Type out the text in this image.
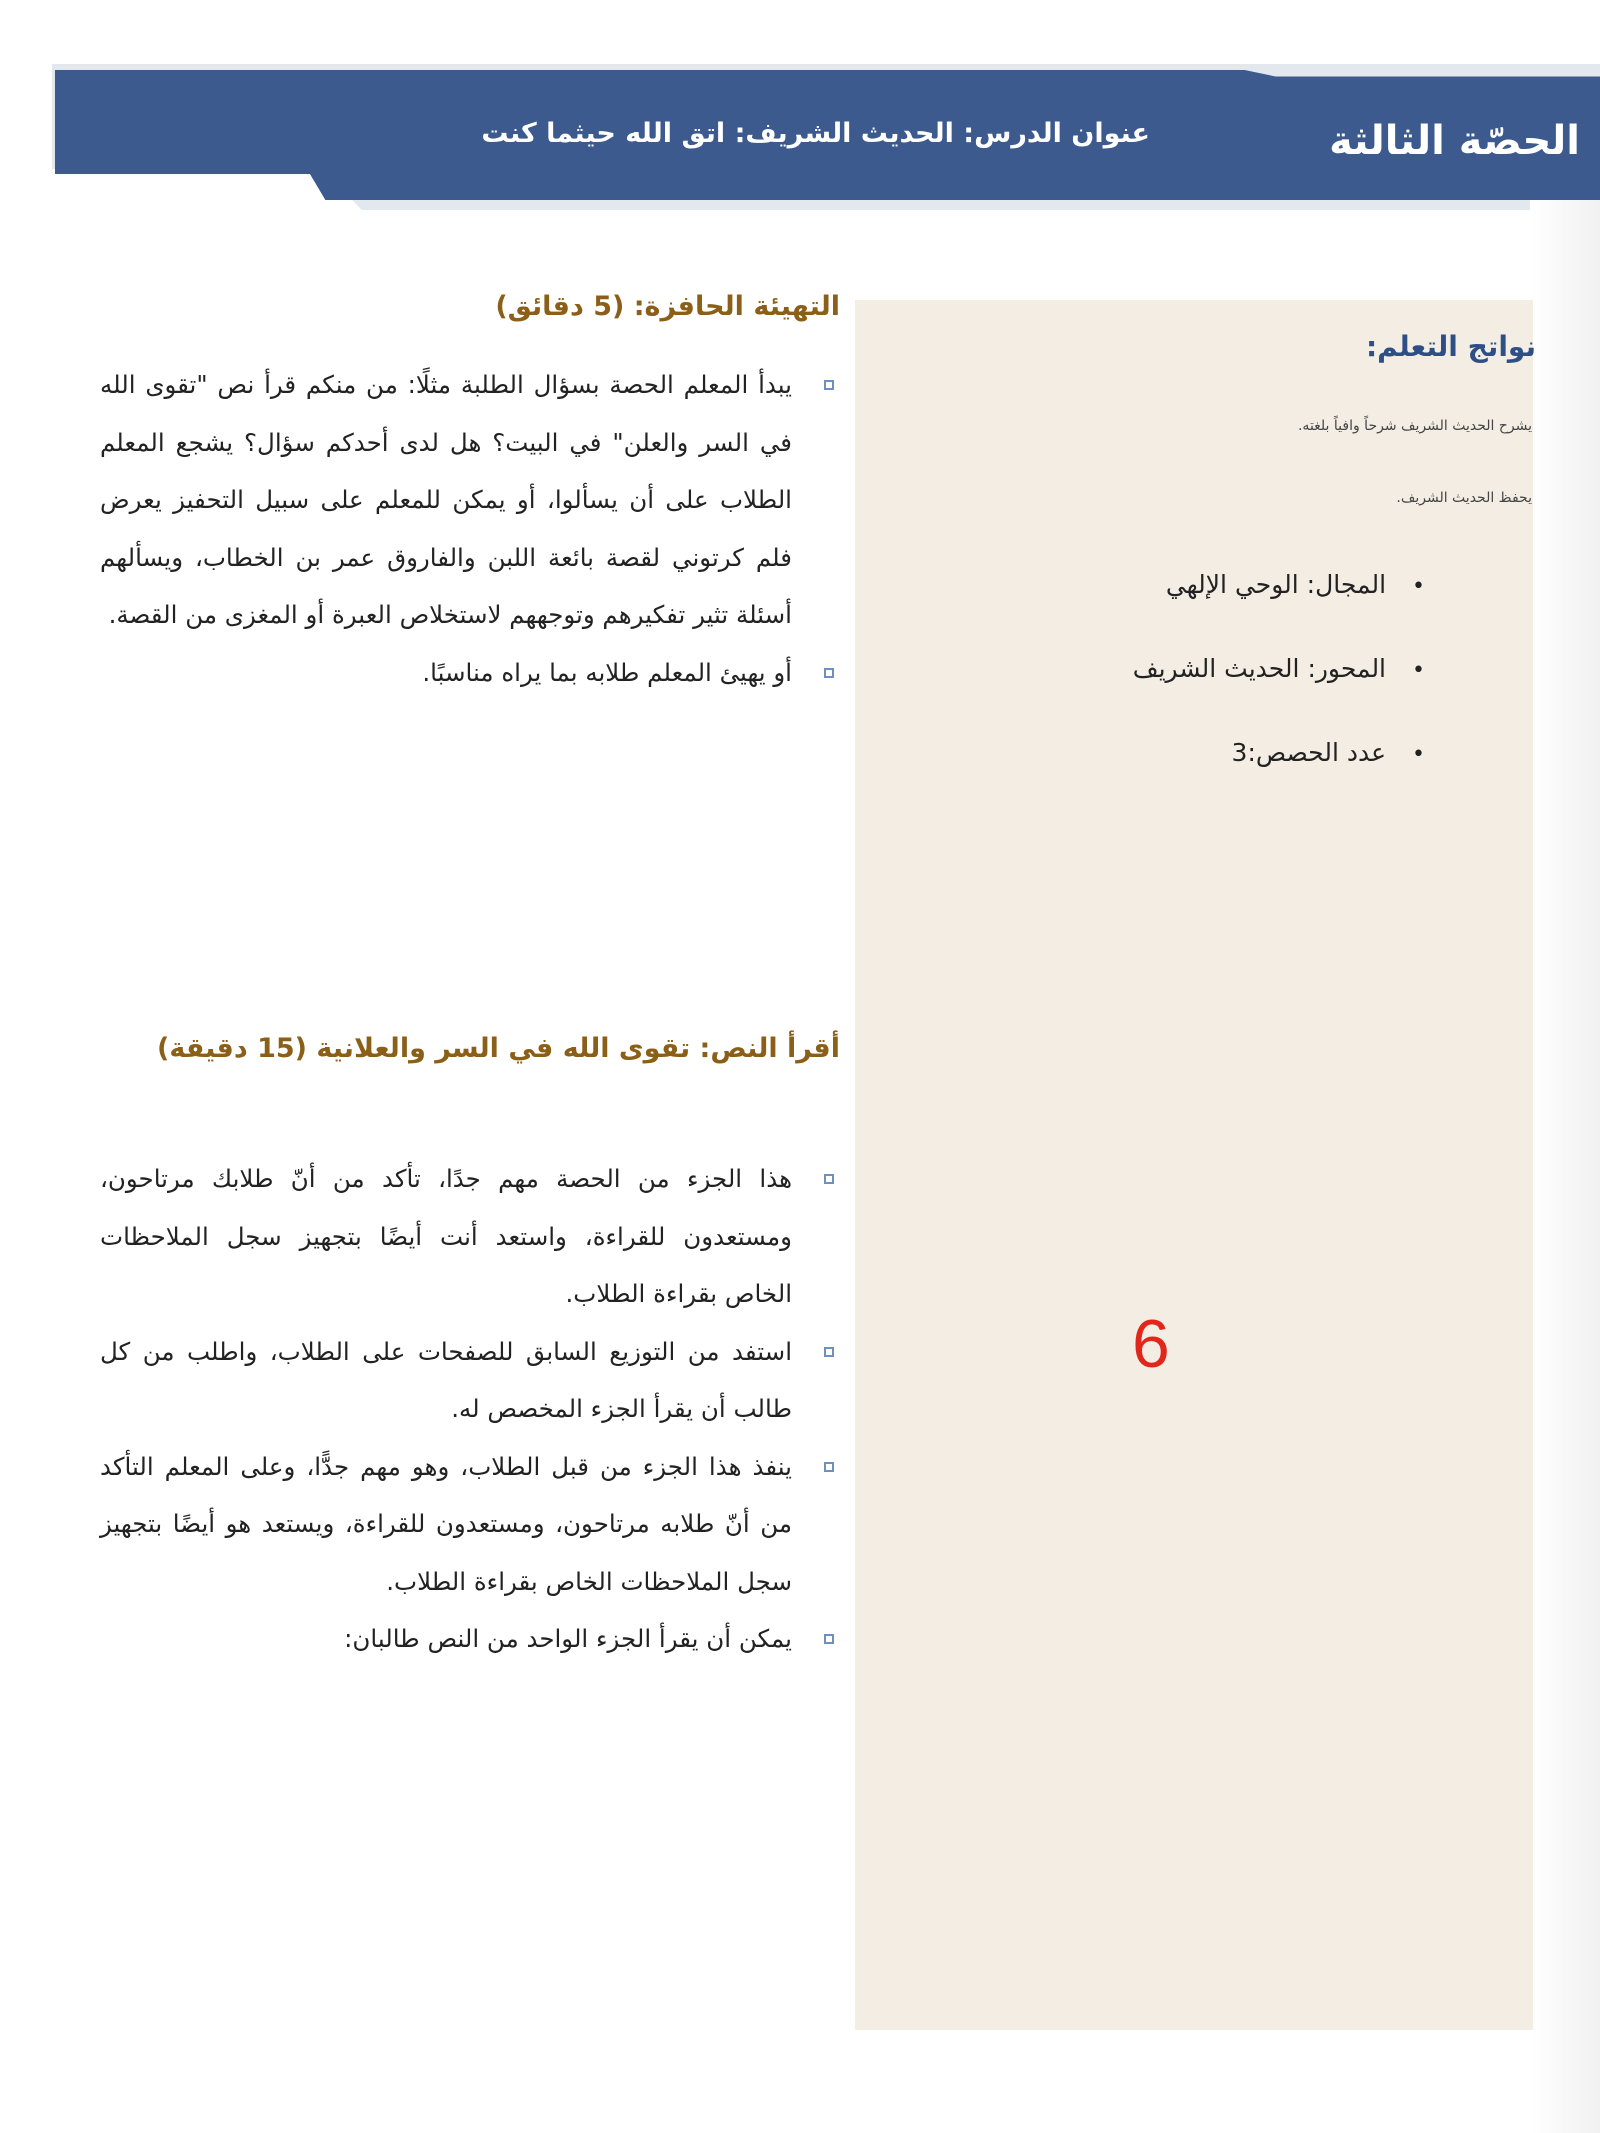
الحصّة الثالثة
عنوان الدرس: الحديث الشريف: اتق الله حيثما كنت
نواتج التعلم:

يشرح الحديث الشريف شرحاً وافياً بلغته.

يحفظ الحديث الشريف.

• المجال: الوحي الإلهي
• المحور: الحديث الشريف
• عدد الحصص:3
6
التهيئة الحافزة: (5 دقائق)
يبدأ المعلم الحصة بسؤال الطلبة مثلًا: من منكم قرأ نص "تقوى الله في السر والعلن" في البيت؟ هل لدى أحدكم سؤال؟ يشجع المعلم الطلاب على أن يسألوا، أو يمكن للمعلم على سبيل التحفيز يعرض فلم كرتوني لقصة بائعة اللبن والفاروق عمر بن الخطاب، ويسألهم أسئلة تثير تفكيرهم وتوجههم لاستخلاص العبرة أو المغزى من القصة.
أو يهيئ المعلم طلابه بما يراه مناسبًا.
أقرأ النص: تقوى الله في السر والعلانية (15 دقيقة)
هذا الجزء من الحصة مهم جدًا، تأكد من أنّ طلابك مرتاحون، ومستعدون للقراءة، واستعد أنت أيضًا بتجهيز سجل الملاحظات الخاص بقراءة الطلاب.
استفد من التوزيع السابق للصفحات على الطلاب، واطلب من كل طالب أن يقرأ الجزء المخصص له.
ينفذ هذا الجزء من قبل الطلاب، وهو مهم جدًّا، وعلى المعلم التأكد من أنّ طلابه مرتاحون، ومستعدون للقراءة، ويستعد هو أيضًا بتجهيز سجل الملاحظات الخاص بقراءة الطلاب.
يمكن أن يقرأ الجزء الواحد من النص طالبان:
